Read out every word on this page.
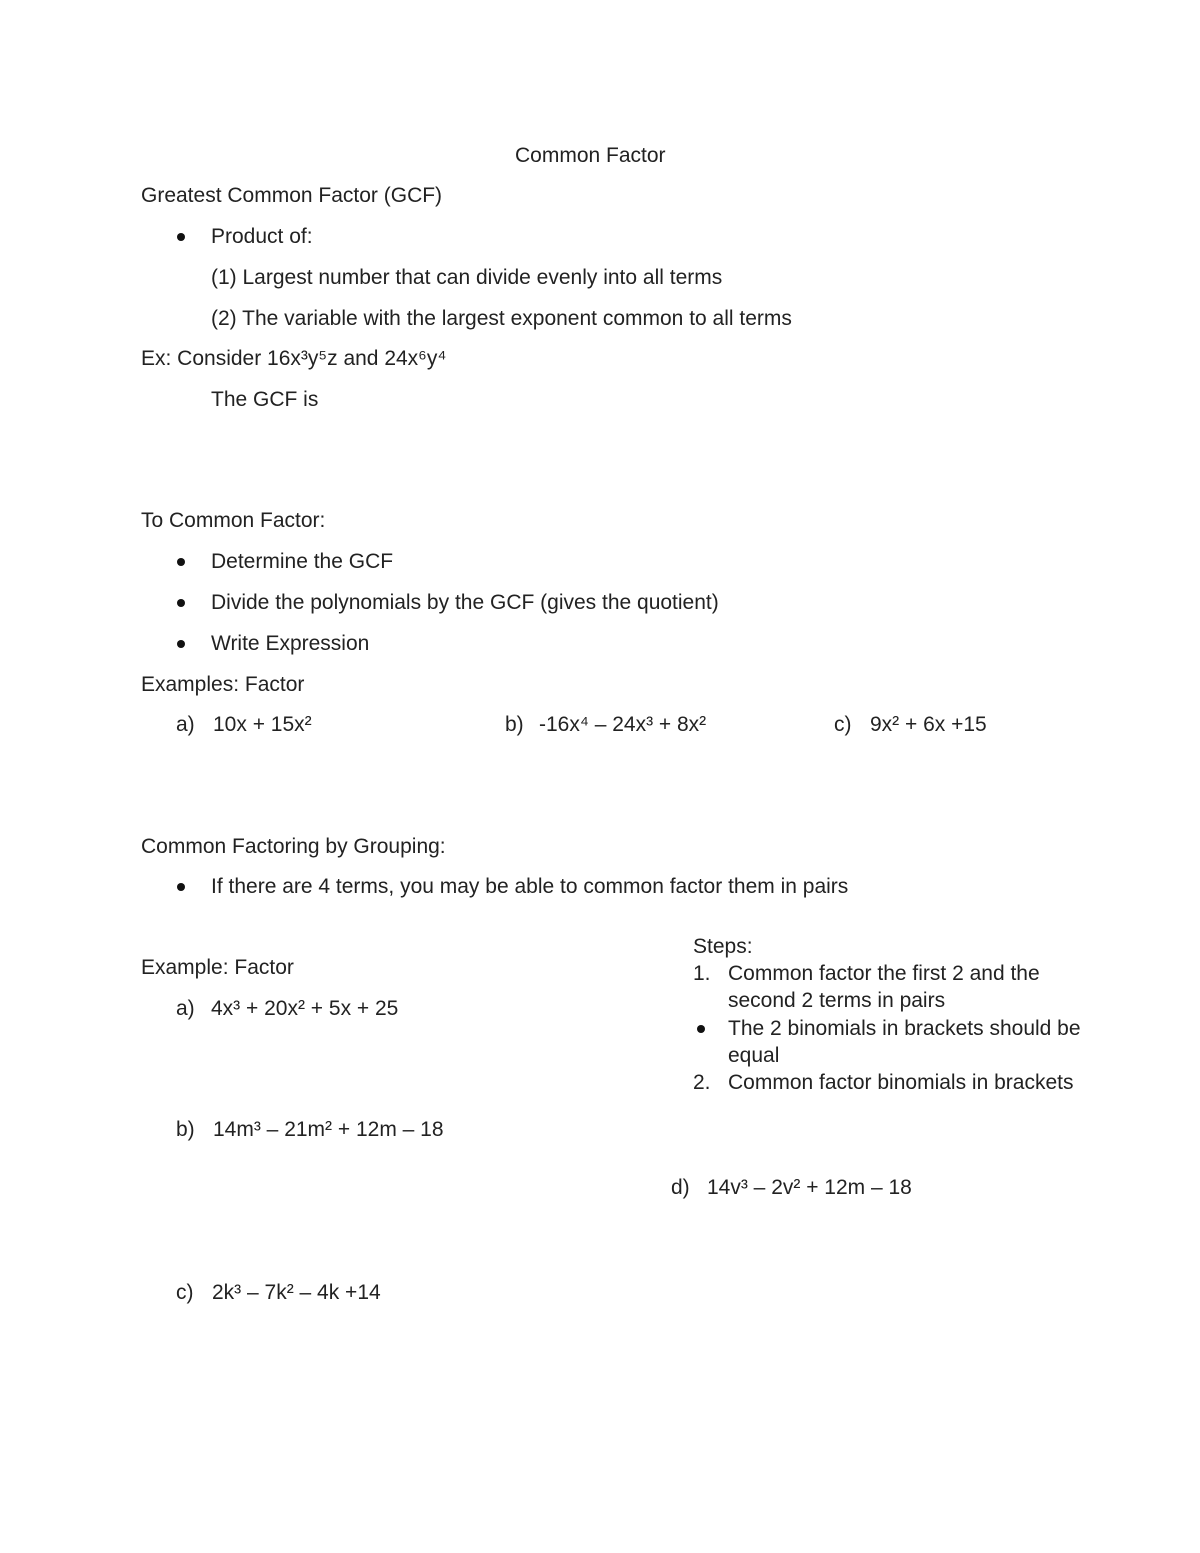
Common Factor
Greatest Common Factor (GCF)
Product of:
(1) Largest number that can divide evenly into all terms
(2) The variable with the largest exponent common to all terms
Ex: Consider 16x³y⁵z and 24x⁶y⁴
The GCF is
To Common Factor:
Determine the GCF
Divide the polynomials by the GCF (gives the quotient)
Write Expression
Examples: Factor
a) 10x + 15x²	b) -16x⁴ – 24x³ + 8x²	c) 9x² + 6x +15
Common Factoring by Grouping:
If there are 4 terms, you may be able to common factor them in pairs
Example: Factor
a) 4x³ + 20x² + 5x + 25
b) 14m³ – 21m² + 12m – 18
c) 2k³ – 7k² – 4k +14
d) 14v³ – 2v² + 12m – 18
Steps:
1. Common factor the first 2 and the
second 2 terms in pairs
The 2 binomials in brackets should be
equal
2. Common factor binomials in brackets
